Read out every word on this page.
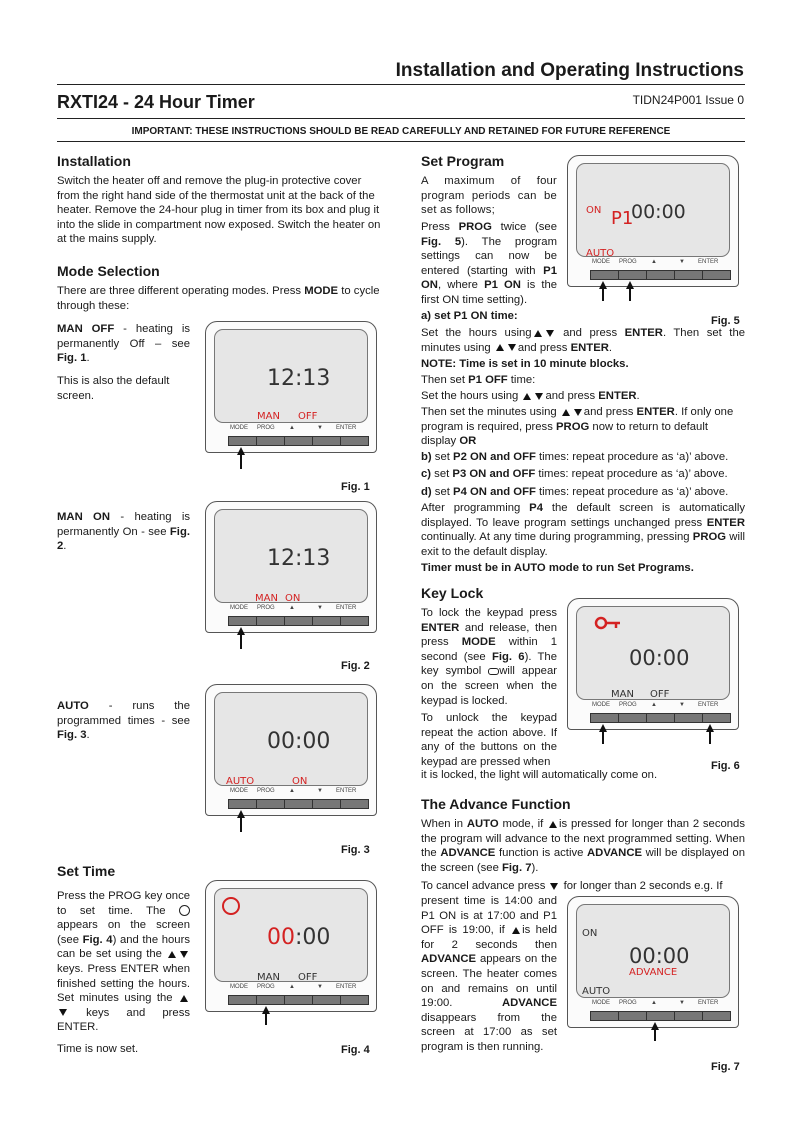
Installation and Operating Instructions
RXTI24 - 24 Hour Timer	TIDN24P001 Issue 0
IMPORTANT: THESE INSTRUCTIONS SHOULD BE READ CAREFULLY AND RETAINED FOR FUTURE REFERENCE
Installation

Switch the heater off and remove the plug-in protective cover from the right hand side of the thermostat unit at the back of the heater. Remove the 24-hour plug in timer from its box and plug it into the slide in compartment now exposed. Switch the heater on at the mains supply.

Mode Selection

There are three different operating modes. Press MODE to cycle through these:

MAN OFF - heating is permanently Off – see Fig. 1.

This is also the default screen.

MAN ON - heating is permanently On - see Fig. 2.

AUTO - runs the programmed times - see Fig. 3.

Set Time

Press the PROG key once to set time. The  appears on the screen (see Fig. 4) and the hours can be set using the  keys. Press ENTER when finished setting the hours. Set minutes using the  keys and press ENTER.

Time is now set.

12:13
MAN OFF
MODE PROG ▲	▼ ENTER
Fig. 1
12:13
MAN ON
MODE PROG ▲	▼ ENTER
Fig. 2
00:00
AUTO	ON
MODE PROG ▲	▼ ENTER
Fig. 3
00:00
MAN OFF
MODE PROG ▲	▼ ENTER
Fig. 4
Set Program

A maximum of four program periods can be set as follows;

Press PROG twice (see Fig. 5). The program settings can now be entered (starting with P1 ON, where P1 ON is the first ON time setting).

ON P1
00:00
AUTO
MODE PROG ▲	▼ ENTER
a) set P1 ON time:	Fig. 5

Set the hours using and press ENTER. Then set the minutes using and press ENTER.

NOTE: Time is set in 10 minute blocks.

Then set P1 OFF time:

Set the hours using and press ENTER.

Then set the minutes using and press ENTER. If only one program is required, press PROG now to return to default display OR

b) set P2 ON and OFF times: repeat procedure as ‘a)’ above.

c) set P3 ON and OFF times: repeat procedure as ‘a)’ above.

d) set P4 ON and OFF times: repeat procedure as ‘a)’ above.

After programming P4 the default screen is automatically displayed. To leave program settings unchanged press ENTER continually. At any time during programming, pressing PROG will exit to the default display.

Timer must be in AUTO mode to run Set Programs.

Key Lock

To lock the keypad press ENTER and release, then press MODE within 1 second (see Fig. 6). The key symbol will appear on the screen when the keypad is locked.

To unlock the keypad repeat the action above. If any of the buttons on the keypad are pressed when

it is locked, the light will automatically come on.

00:00
MAN OFF
MODE PROG ▲	▼ ENTER
Fig. 6
The Advance Function

When in AUTO mode, if is pressed for longer than 2 seconds the program will advance to the next programmed setting. When the ADVANCE function is active ADVANCE will be displayed on the screen (see Fig. 7).

To cancel advance press  for longer than 2 seconds e.g. If

present time is 14:00 and P1 ON is at 17:00 and P1 OFF is 19:00, if is held for 2 seconds then ADVANCE appears on the screen. The heater comes on and remains on until 19:00. ADVANCE disappears from the screen at 17:00 as set program is then running.

ON
00:00
ADVANCE
AUTO
MODE PROG ▲	▼ ENTER
Fig. 7
